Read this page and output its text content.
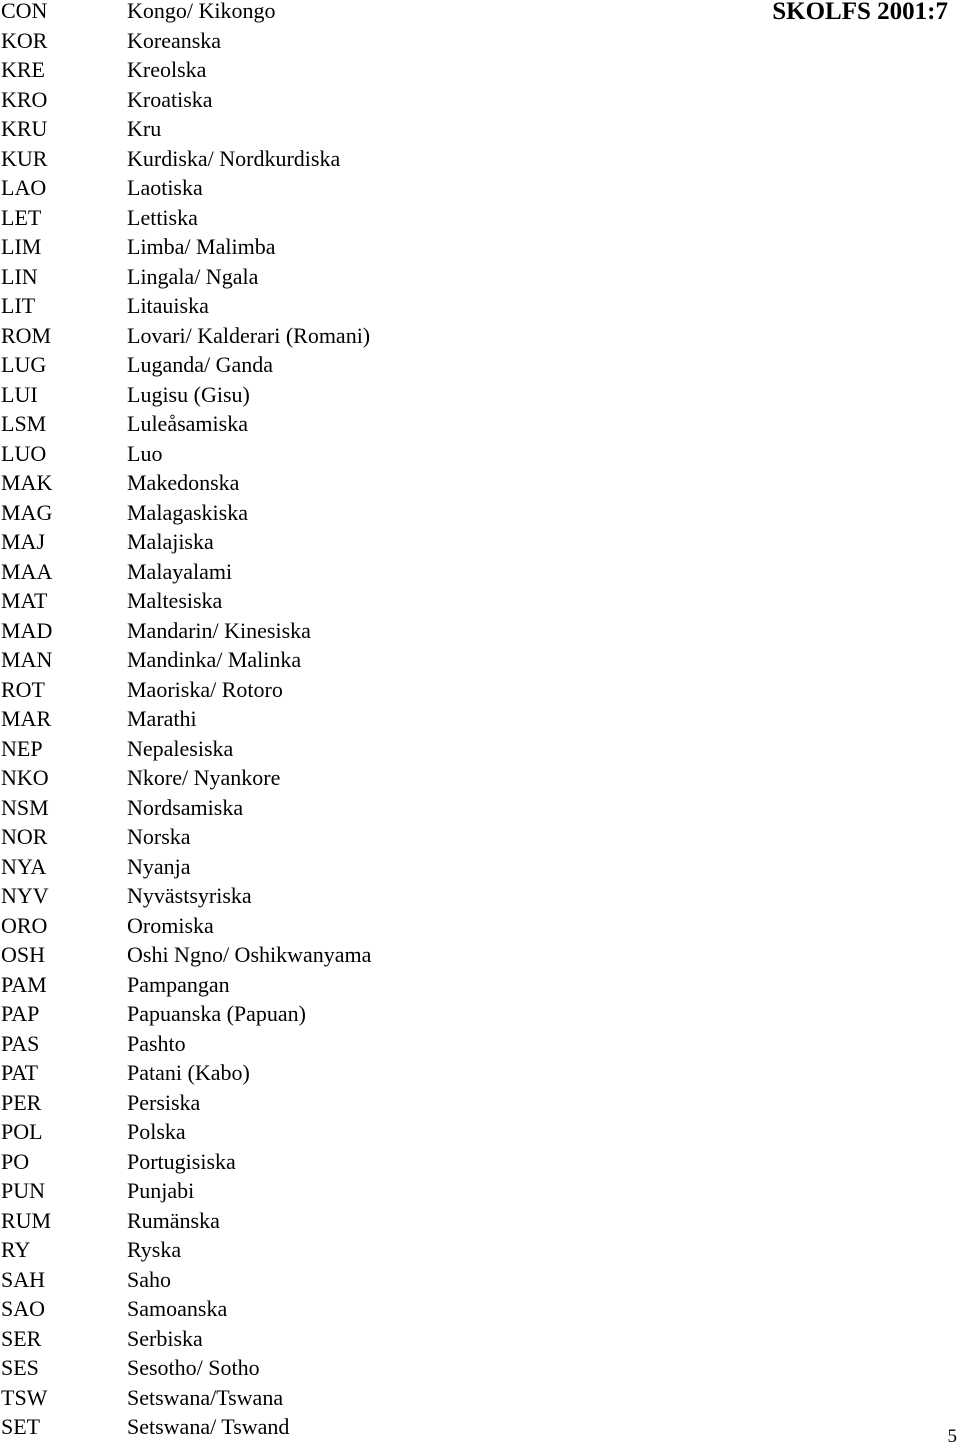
SKOLFS 2001:7
CON	Kongo/ Kikongo
KOR	Koreanska
KRE	Kreolska
KRO	Kroatiska
KRU	Kru
KUR	Kurdiska/ Nordkurdiska
LAO	Laotiska
LET	Lettiska
LIM	Limba/ Malimba
LIN	Lingala/ Ngala
LIT	Litauiska
ROM	Lovari/ Kalderari (Romani)
LUG	Luganda/ Ganda
LUI	Lugisu (Gisu)
LSM	Luleåsamiska
LUO	Luo
MAK	Makedonska
MAG	Malagaskiska
MAJ	Malajiska
MAA	Malayalami
MAT	Maltesiska
MAD	Mandarin/ Kinesiska
MAN	Mandinka/ Malinka
ROT	Maoriska/ Rotoro
MAR	Marathi
NEP	Nepalesiska
NKO	Nkore/ Nyankore
NSM	Nordsamiska
NOR	Norska
NYA	Nyanja
NYV	Nyvästsyriska
ORO	Oromiska
OSH	Oshi Ngno/ Oshikwanyama
PAM	Pampangan
PAP	Papuanska (Papuan)
PAS	Pashto
PAT	Patani (Kabo)
PER	Persiska
POL	Polska
PO	Portugisiska
PUN	Punjabi
RUM	Rumänska
RY	Ryska
SAH	Saho
SAO	Samoanska
SER	Serbiska
SES	Sesotho/ Sotho
TSW	Setswana/Tswana
SET	Setswana/ Tswand	5
